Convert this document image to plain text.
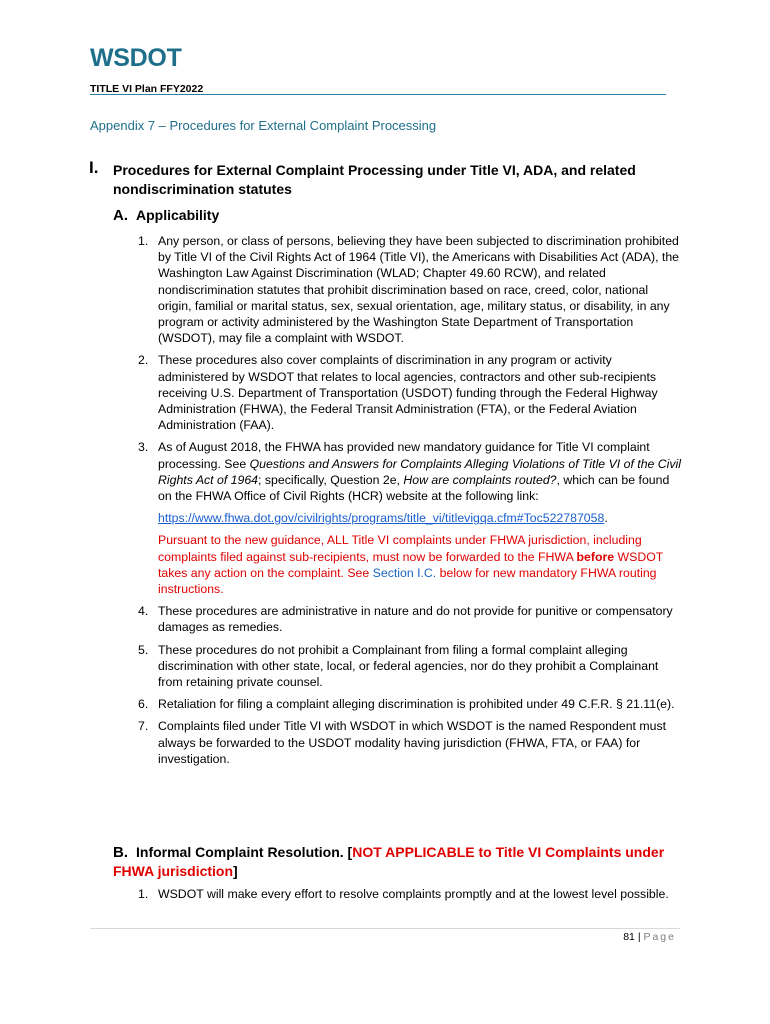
WSDOT
TITLE VI Plan FFY2022
Appendix 7 – Procedures for External Complaint Processing
I. Procedures for External Complaint Processing under Title VI, ADA, and related nondiscrimination statutes
A. Applicability
1. Any person, or class of persons, believing they have been subjected to discrimination prohibited by Title VI of the Civil Rights Act of 1964 (Title VI), the Americans with Disabilities Act (ADA), the Washington Law Against Discrimination (WLAD; Chapter 49.60 RCW), and related nondiscrimination statutes that prohibit discrimination based on race, creed, color, national origin, familial or marital status, sex, sexual orientation, age, military status, or disability, in any program or activity administered by the Washington State Department of Transportation (WSDOT), may file a complaint with WSDOT.

2. These procedures also cover complaints of discrimination in any program or activity administered by WSDOT that relates to local agencies, contractors and other sub-recipients receiving U.S. Department of Transportation (USDOT) funding through the Federal Highway Administration (FHWA), the Federal Transit Administration (FTA), or the Federal Aviation Administration (FAA).

3. As of August 2018, the FHWA has provided new mandatory guidance for Title VI complaint processing. See Questions and Answers for Complaints Alleging Violations of Title VI of the Civil Rights Act of 1964; specifically, Question 2e, How are complaints routed?, which can be found on the FHWA Office of Civil Rights (HCR) website at the following link:

https://www.fhwa.dot.gov/civilrights/programs/title_vi/titlevigqa.cfm#Toc522787058.

Pursuant to the new guidance, ALL Title VI complaints under FHWA jurisdiction, including complaints filed against sub-recipients, must now be forwarded to the FHWA before WSDOT takes any action on the complaint. See Section I.C. below for new mandatory FHWA routing instructions.

4. These procedures are administrative in nature and do not provide for punitive or compensatory damages as remedies.

5. These procedures do not prohibit a Complainant from filing a formal complaint alleging discrimination with other state, local, or federal agencies, nor do they prohibit a Complainant from retaining private counsel.

6. Retaliation for filing a complaint alleging discrimination is prohibited under 49 C.F.R. § 21.11(e).

7. Complaints filed under Title VI with WSDOT in which WSDOT is the named Respondent must always be forwarded to the USDOT modality having jurisdiction (FHWA, FTA, or FAA) for investigation.

B. Informal Complaint Resolution. [NOT APPLICABLE to Title VI Complaints under FHWA jurisdiction]
1. WSDOT will make every effort to resolve complaints promptly and at the lowest level possible.

81 | Page
